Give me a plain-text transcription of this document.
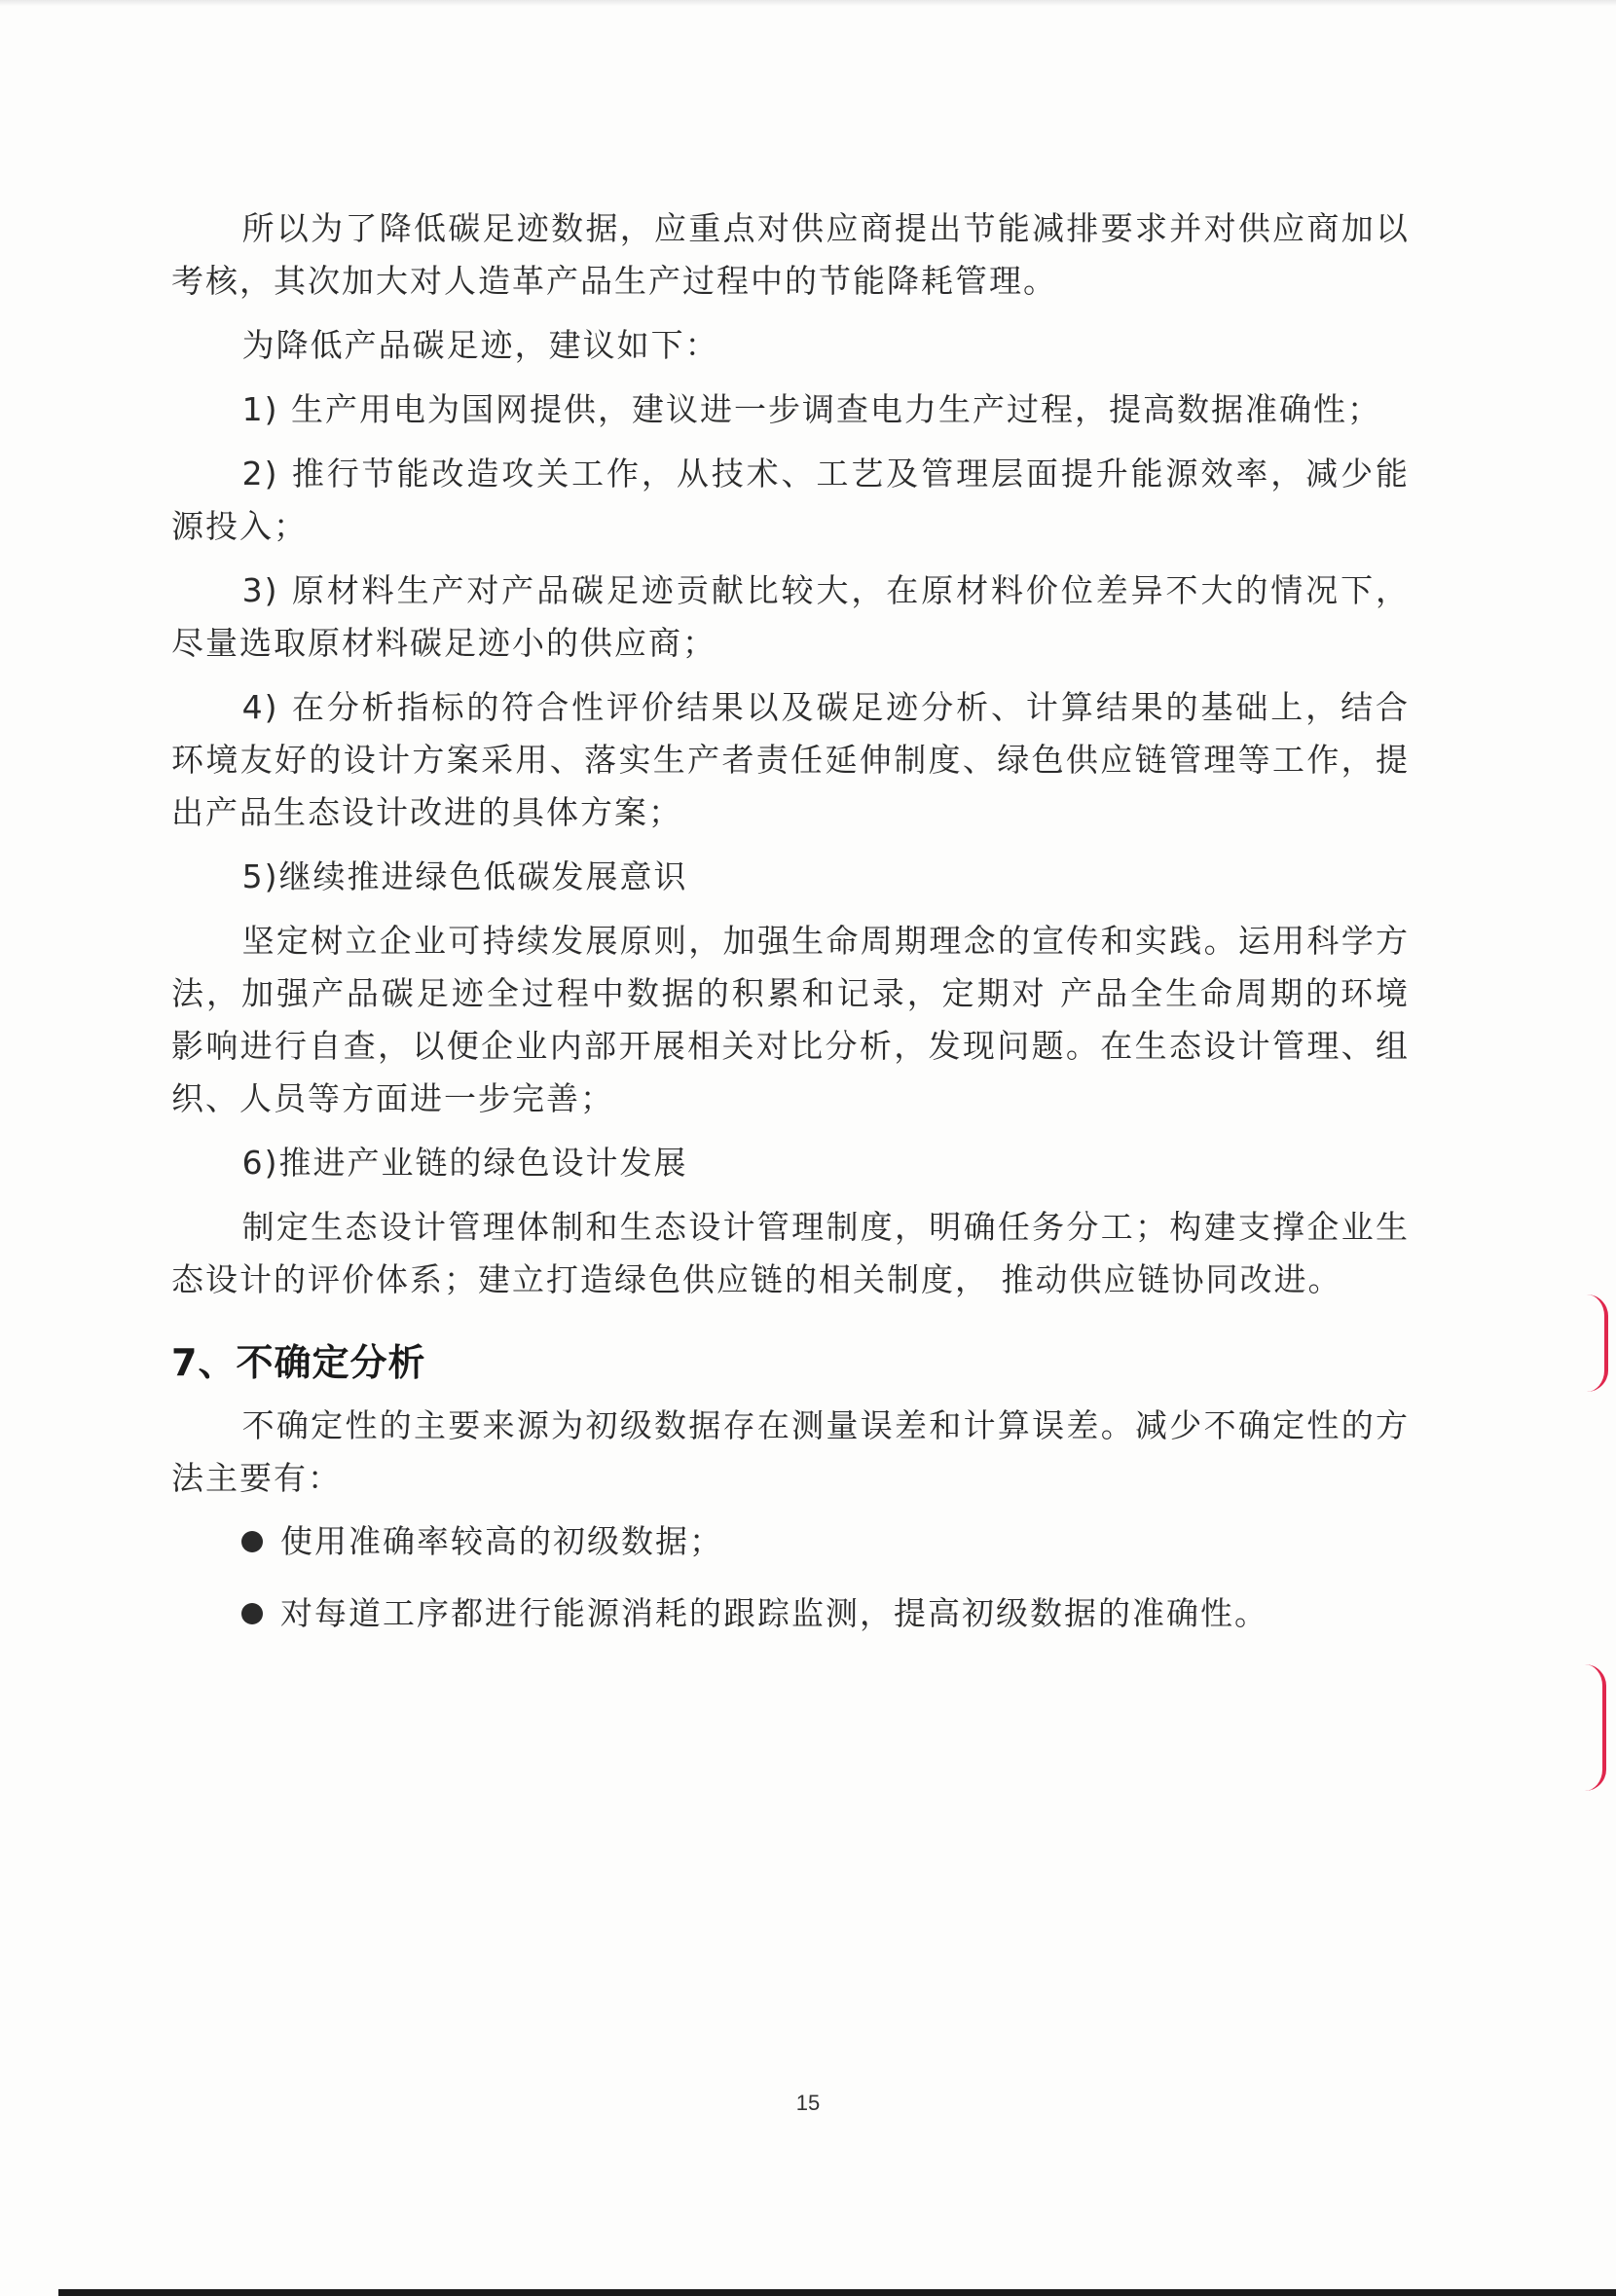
所以为了降低碳足迹数据，应重点对供应商提出节能减排要求并对供应商加以考核，其次加大对人造革产品生产过程中的节能降耗管理。

为降低产品碳足迹，建议如下：

1) 生产用电为国网提供，建议进一步调查电力生产过程，提高数据准确性；

2) 推行节能改造攻关工作，从技术、工艺及管理层面提升能源效率，减少能源投入；

3) 原材料生产对产品碳足迹贡献比较大，在原材料价位差异不大的情况下，尽量选取原材料碳足迹小的供应商；

4) 在分析指标的符合性评价结果以及碳足迹分析、计算结果的基础上，结合环境友好的设计方案采用、落实生产者责任延伸制度、绿色供应链管理等工作，提出产品生态设计改进的具体方案；

5)继续推进绿色低碳发展意识

坚定树立企业可持续发展原则，加强生命周期理念的宣传和实践。运用科学方法，加强产品碳足迹全过程中数据的积累和记录，定期对 产品全生命周期的环境影响进行自查，以便企业内部开展相关对比分析，发现问题。在生态设计管理、组织、人员等方面进一步完善；

6)推进产业链的绿色设计发展

制定生态设计管理体制和生态设计管理制度，明确任务分工；构建支撑企业生态设计的评价体系；建立打造绿色供应链的相关制度， 推动供应链协同改进。

7、不确定分析

不确定性的主要来源为初级数据存在测量误差和计算误差。减少不确定性的方法主要有：

使用准确率较高的初级数据；
对每道工序都进行能源消耗的跟踪监测，提高初级数据的准确性。
15
